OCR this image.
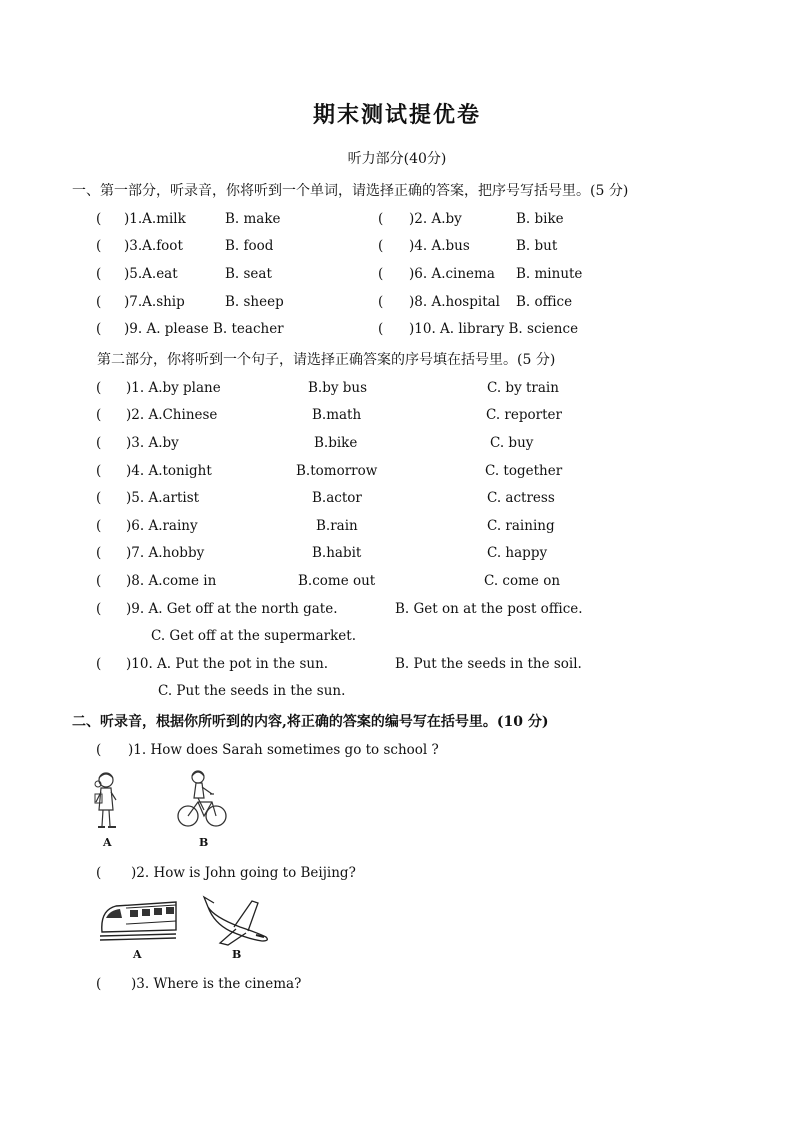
期末测试提优卷
听力部分(40分)
一、第一部分，听录音，你将听到一个单词，请选择正确的答案，把序号写括号里。(5 分)
( )1.A.milk	B. make	( )2. A.by	B. bike
( )3.A.foot	B. food	( )4. A.bus	B. but
( )5.A.eat	B. seat	( )6. A.cinema B. minute
( )7.A.ship	B. sheep	( )8. A.hospital B. office
( )9. A. please B. teacher	( )10. A. library B. science
第二部分，你将听到一个句子，请选择正确答案的序号填在括号里。(5 分)
( )1. A.by plane	B.by bus	C. by train
( )2. A.Chinese	B.math	C. reporter
( )3. A.by	B.bike	C. buy
( )4. A.tonight	B.tomorrow	C. together
( )5. A.artist	B.actor	C. actress
( )6. A.rainy	B.rain	C. raining
( )7. A.hobby	B.habit	C. happy
( )8. A.come in	B.come out	C. come on
( )9. A. Get off at the north gate.	B. Get on at the post office.
C. Get off at the supermarket.
( )10. A. Put the pot in the sun.	B. Put the seeds in the soil.
C. Put the seeds in the sun.
二、听录音，根据你所听到的内容,将正确的答案的编号写在括号里。(10 分)
( )1. How does Sarah sometimes go to school ?
A	B
( )2. How is John going to Beijing?
A	B
( )3. Where is the cinema?
